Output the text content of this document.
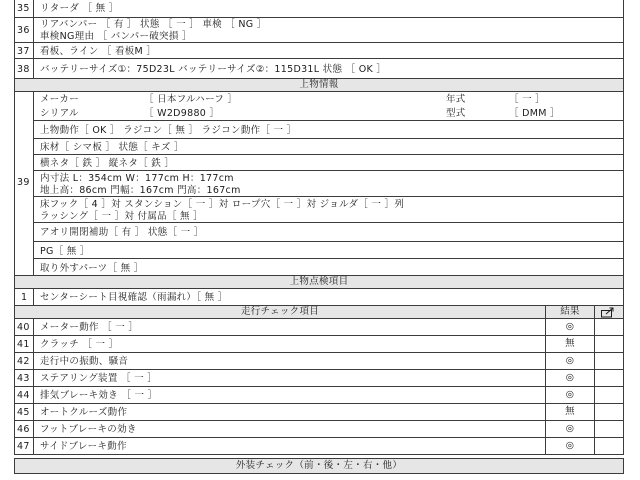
35 リターダ ［ 無 ］
36
リアバンパー ［ 有 ］ 状態 ［ 一 ］ 車検 ［ NG ］
車検NG理由 ［ バンパー破突損 ］
37 看板、ライン ［ 看板M ］
38 バッテリーサイズ①：75D23L バッテリーサイズ②：115D31L 状態 ［ OK ］
上物情報
39
メーカー	［ 日本フルハーフ ］	年式	［ 一 ］
シリアル	［ W2D9880 ］	型式	［ DMM ］
上物動作［ OK ］ ラジコン［ 無 ］ ラジコン動作［ 一 ］
床材［ シマ板 ］ 状態［ キズ ］
横ネタ［ 鉄 ］ 縦ネタ［ 鉄 ］
内寸法 L：354cm W：177cm H：177cm
地上高：86cm 門幅：167cm 門高：167cm
床フック［ 4 ］対 スタンション［ 一 ］対 ロープ穴［ 一 ］対 ジョルダ［ 一 ］列
ラッシング［ 一 ］対 付属品［ 無 ］
アオリ開閉補助［ 有 ］ 状態［ 一 ］
PG［ 無 ］
取り外すパーツ［ 無 ］
上物点検項目
1 センターシート目視確認（雨漏れ）［ 無 ］
走行チェック項目	結果
40 メーター動作 ［ 一 ］	◎
41 クラッチ ［ 一 ］	無
42 走行中の振動、騒音	◎
43 ステアリング装置 ［ 一 ］	◎
44 排気ブレーキ効き ［ 一 ］	◎
45 オートクルーズ動作	無
46 フットブレーキの効き	◎
47 サイドブレーキ動作	◎
外装チェック（前・後・左・右・他）
